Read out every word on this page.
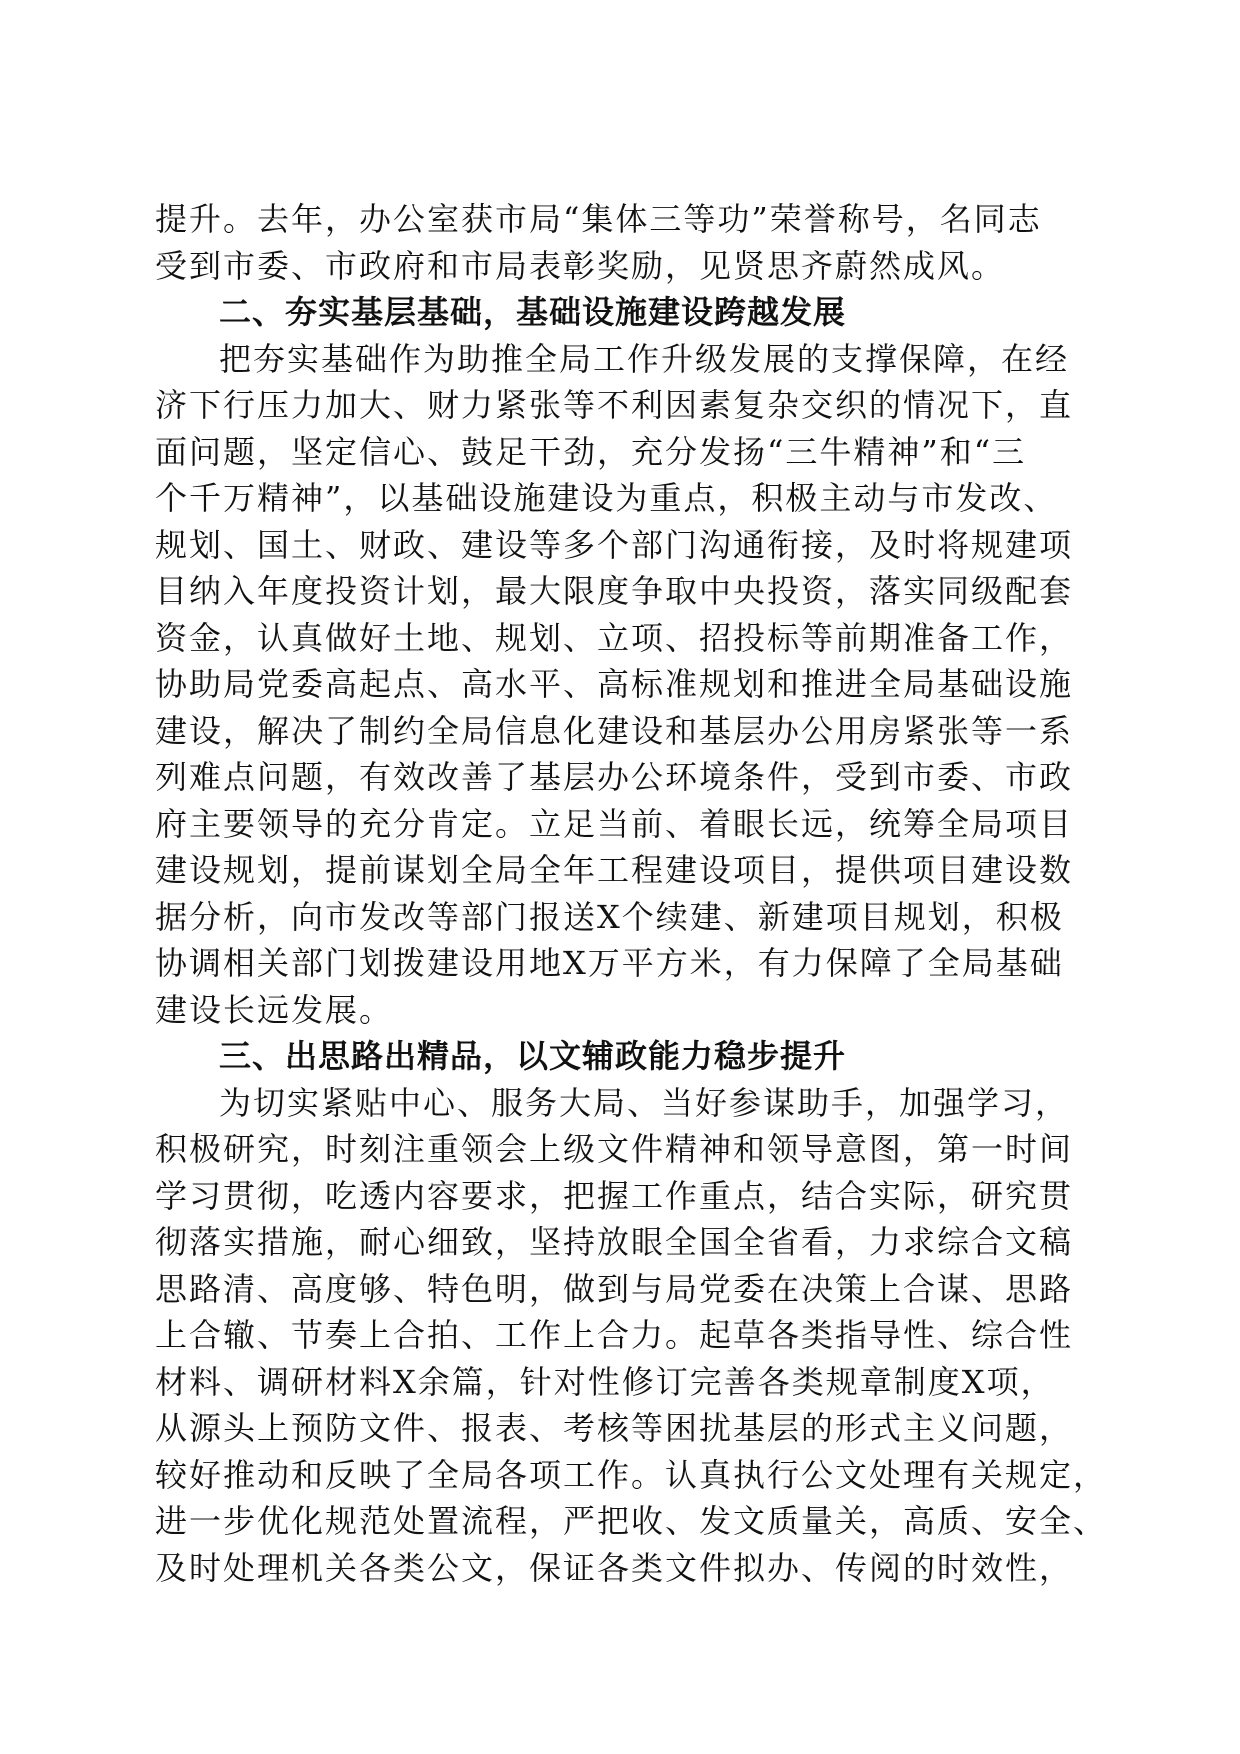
提升。去年，办公室获市局“集体三等功”荣誉称号，名同志
受到市委、市政府和市局表彰奖励，见贤思齐蔚然成风。
二、夯实基层基础，基础设施建设跨越发展
把夯实基础作为助推全局工作升级发展的支撑保障，在经
济下行压力加大、财力紧张等不利因素复杂交织的情况下，直
面问题，坚定信心、鼓足干劲，充分发扬“三牛精神”和“三
个千万精神”，以基础设施建设为重点，积极主动与市发改、
规划、国土、财政、建设等多个部门沟通衔接，及时将规建项
目纳入年度投资计划，最大限度争取中央投资，落实同级配套
资金，认真做好土地、规划、立项、招投标等前期准备工作，
协助局党委高起点、高水平、高标准规划和推进全局基础设施
建设，解决了制约全局信息化建设和基层办公用房紧张等一系
列难点问题，有效改善了基层办公环境条件，受到市委、市政
府主要领导的充分肯定。立足当前、着眼长远，统筹全局项目
建设规划，提前谋划全局全年工程建设项目，提供项目建设数
据分析，向市发改等部门报送X个续建、新建项目规划，积极
协调相关部门划拨建设用地X万平方米，有力保障了全局基础
建设长远发展。
三、出思路出精品，以文辅政能力稳步提升
为切实紧贴中心、服务大局、当好参谋助手，加强学习，
积极研究，时刻注重领会上级文件精神和领导意图，第一时间
学习贯彻，吃透内容要求，把握工作重点，结合实际，研究贯
彻落实措施，耐心细致，坚持放眼全国全省看，力求综合文稿
思路清、高度够、特色明，做到与局党委在决策上合谋、思路
上合辙、节奏上合拍、工作上合力。起草各类指导性、综合性
材料、调研材料X余篇，针对性修订完善各类规章制度X项，
从源头上预防文件、报表、考核等困扰基层的形式主义问题，
较好推动和反映了全局各项工作。认真执行公文处理有关规定，
进一步优化规范处置流程，严把收、发文质量关，高质、安全、
及时处理机关各类公文，保证各类文件拟办、传阅的时效性，
